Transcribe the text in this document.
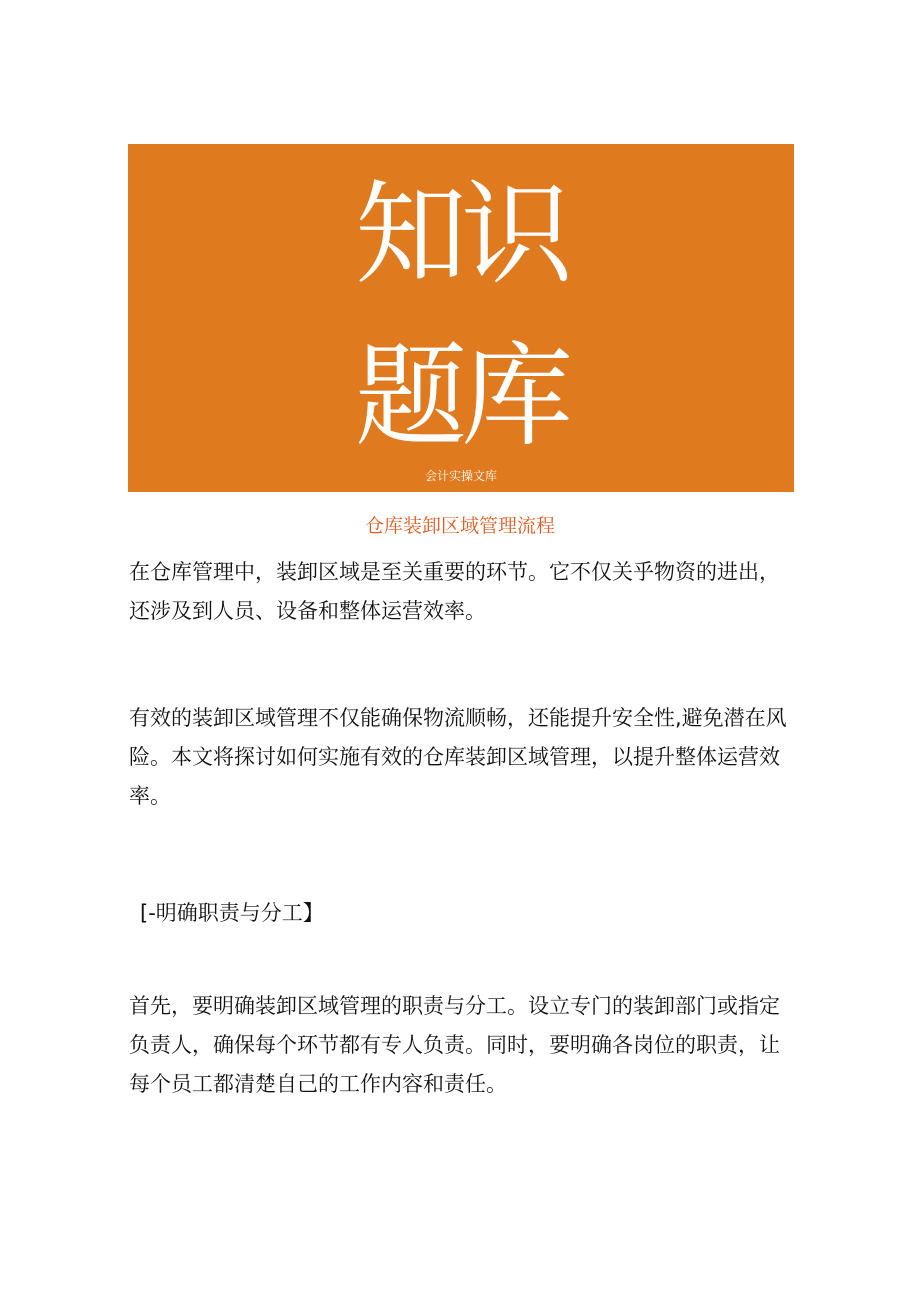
知识
题库
会计实操文库
仓库装卸区域管理流程

在仓库管理中，装卸区域是至关重要的环节。它不仅关乎物资的进出，还涉及到人员、设备和整体运营效率。

有效的装卸区域管理不仅能确保物流顺畅，还能提升安全性,避免潜在风险。本文将探讨如何实施有效的仓库装卸区域管理，以提升整体运营效率。

[-明确职责与分工】

首先，要明确装卸区域管理的职责与分工。设立专门的装卸部门或指定负责人，确保每个环节都有专人负责。同时，要明确各岗位的职责，让每个员工都清楚自己的工作内容和责任。
